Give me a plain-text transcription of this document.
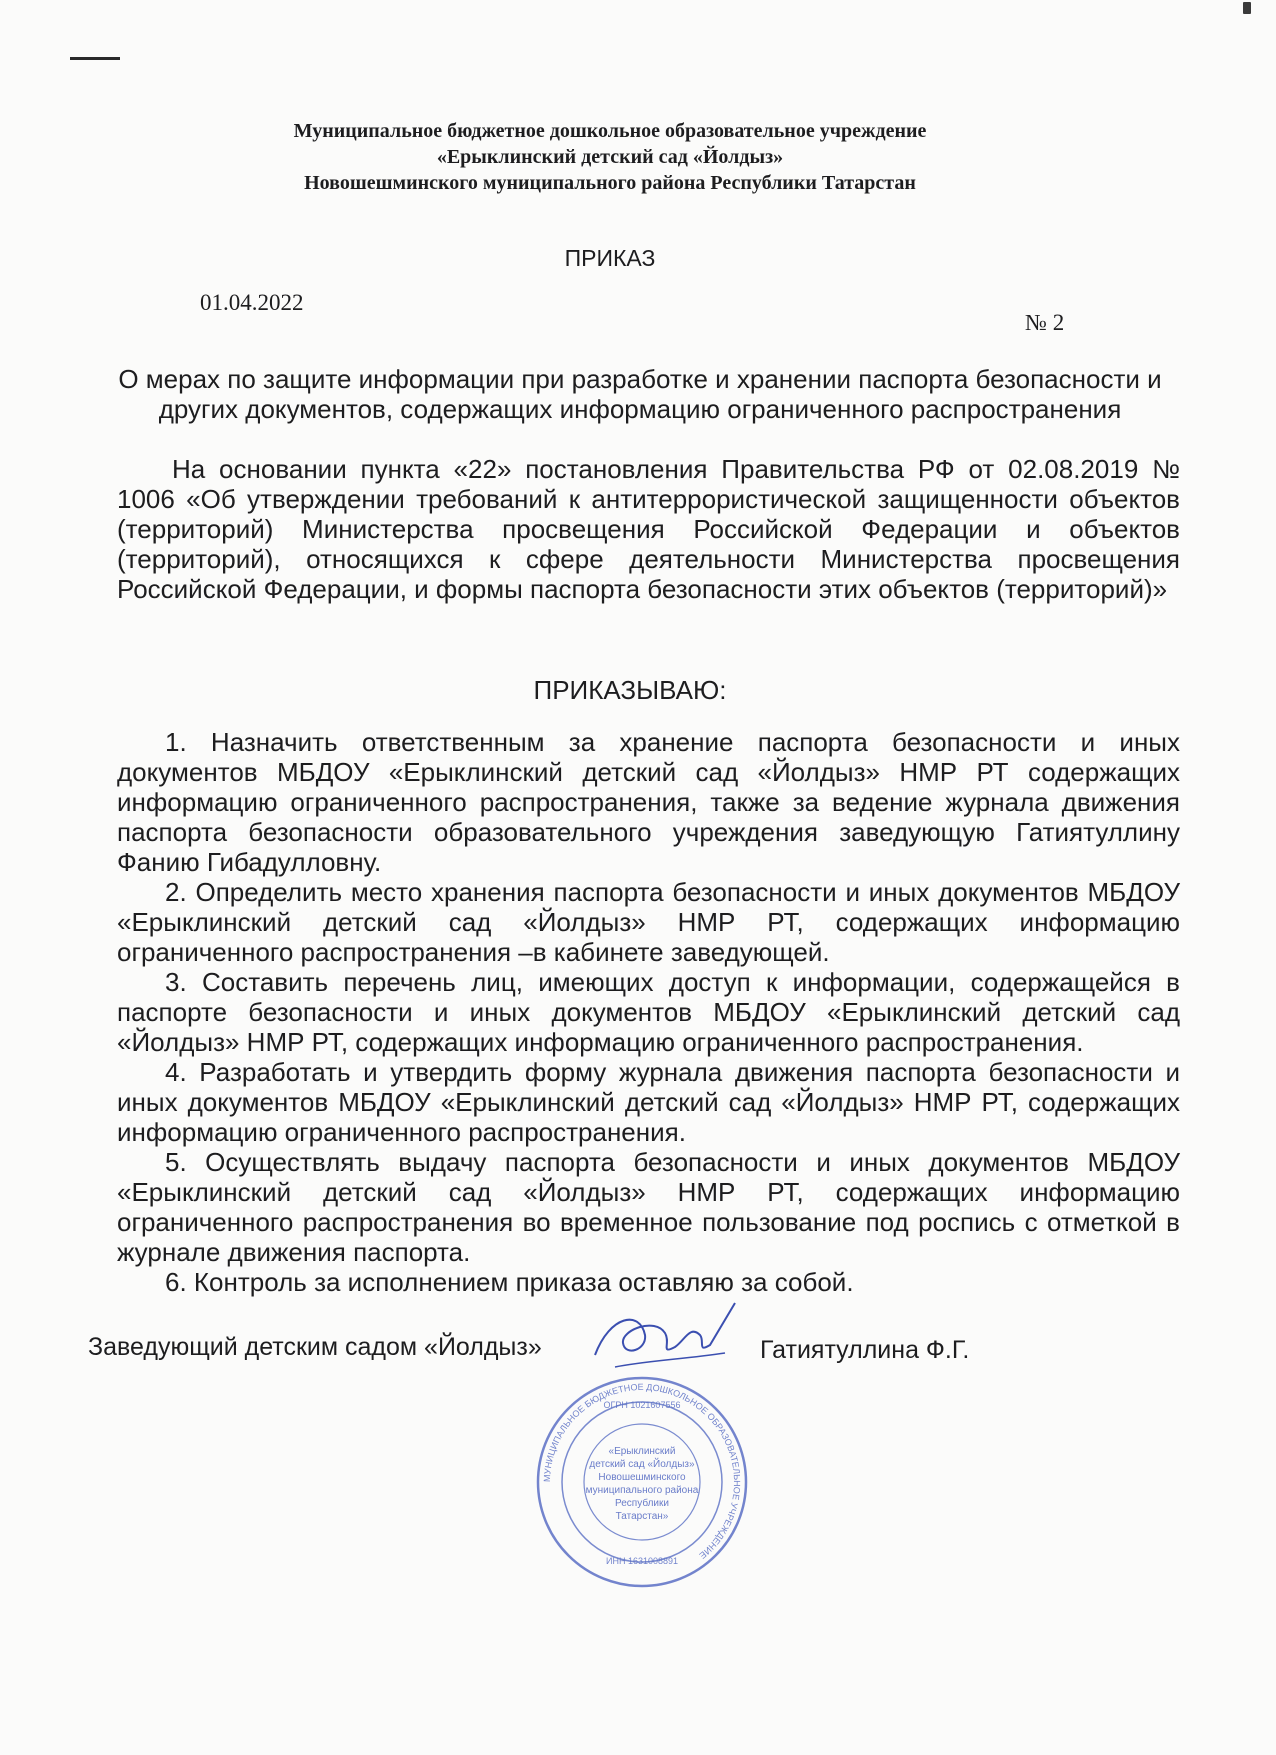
Муниципальное бюджетное дошкольное образовательное учреждение
«Ерыклинский детский сад «Йолдыз»
Новошешминского муниципального района Республики Татарстан
ПРИКАЗ
01.04.2022
№ 2
О мерах по защите информации при разработке и хранении паспорта безопасности и других документов, содержащих информацию ограниченного распространения
На основании пункта «22» постановления Правительства РФ от 02.08.2019 № 1006 «Об утверждении требований к антитеррористической защищенности объектов (территорий) Министерства просвещения Российской Федерации и объектов (территорий), относящихся к сфере деятельности Министерства просвещения Российской Федерации, и формы паспорта безопасности этих объектов (территорий)»
ПРИКАЗЫВАЮ:

1. Назначить ответственным за хранение паспорта безопасности и иных документов МБДОУ «Ерыклинский детский сад «Йолдыз» НМР РТ содержащих информацию ограниченного распространения, также за ведение журнала движения паспорта безопасности образовательного учреждения заведующую Гатиятуллину Фанию Гибадулловну.

2. Определить место хранения паспорта безопасности и иных документов МБДОУ «Ерыклинский детский сад «Йолдыз» НМР РТ, содержащих информацию ограниченного распространения –в кабинете заведующей.

3. Составить перечень лиц, имеющих доступ к информации, содержащейся в паспорте безопасности и иных документов МБДОУ «Ерыклинский детский сад «Йолдыз» НМР РТ, содержащих информацию ограниченного распространения.

4. Разработать и утвердить форму журнала движения паспорта безопасности и иных документов МБДОУ «Ерыклинский детский сад «Йолдыз» НМР РТ, содержащих информацию ограниченного распространения.

5. Осуществлять выдачу паспорта безопасности и иных документов МБДОУ «Ерыклинский детский сад «Йолдыз» НМР РТ, содержащих информацию ограниченного распространения во временное пользование под роспись с отметкой в журнале движения паспорта.

6. Контроль за исполнением приказа оставляю за собой.

Заведующий детским садом «Йолдыз»	Гатиятуллина Ф.Г.
МУНИЦИПАЛЬНОЕ БЮДЖЕТНОЕ ДОШКОЛЬНОЕ ОБРАЗОВАТЕЛЬНОЕ УЧРЕЖДЕНИЕ
ОГРН 1021607556
ИНН 1631008891
«Ерыклинский
детский сад «Йолдыз»
Новошешминского
муниципального района
Республики
Татарстан»
